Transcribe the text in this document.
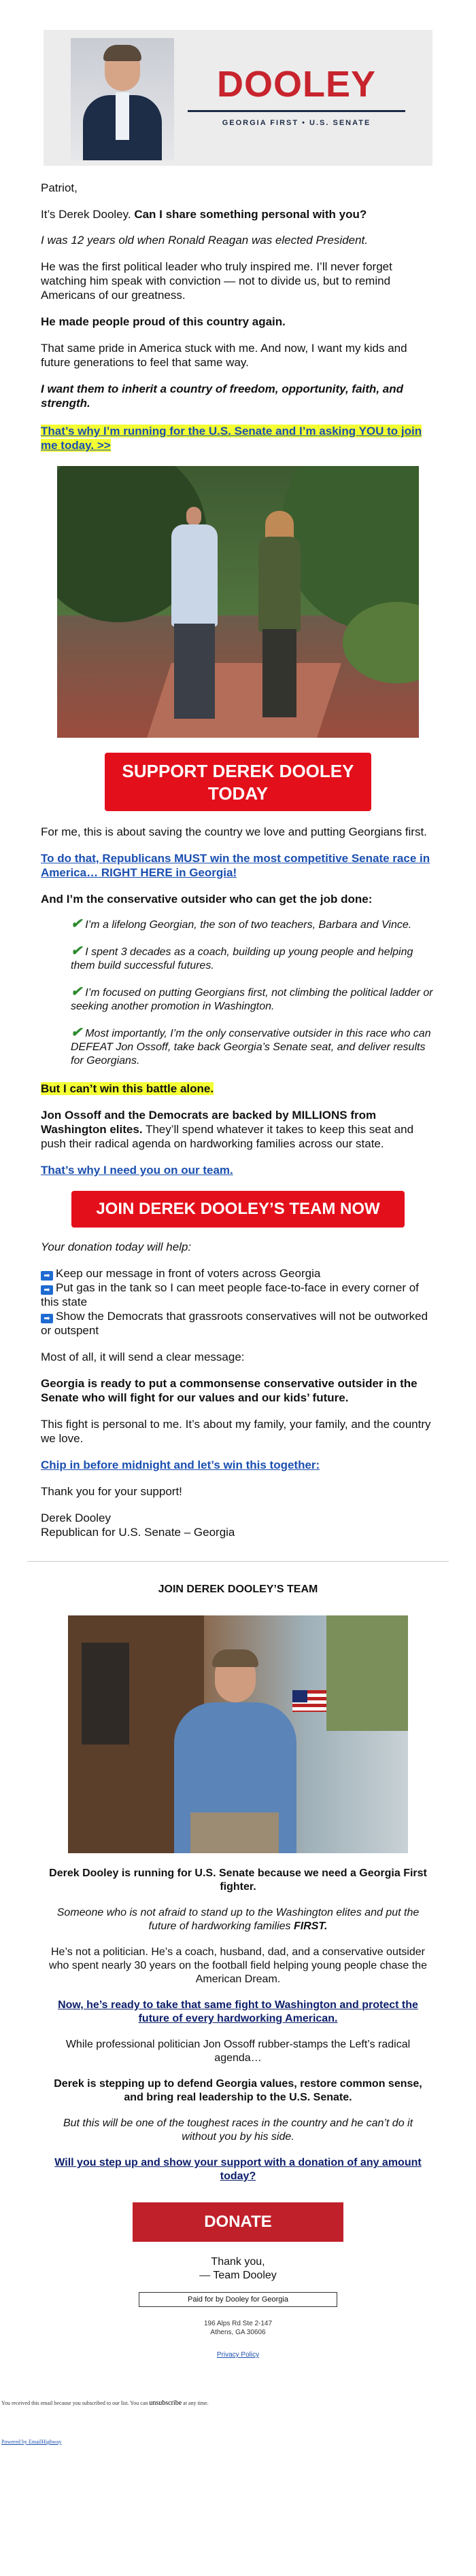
DOOLEY
GEORGIA FIRST • U.S. SENATE

Patriot,

It’s Derek Dooley. Can I share something personal with you?

I was 12 years old when Ronald Reagan was elected President.

He was the first political leader who truly inspired me. I’ll never forget watching him speak with conviction — not to divide us, but to remind Americans of our greatness.

He made people proud of this country again.

That same pride in America stuck with me. And now, I want my kids and future generations to feel that same way.

I want them to inherit a country of freedom, opportunity, faith, and strength.

That’s why I’m running for the U.S. Senate and I’m asking YOU to join me today. >>

SUPPORT DEREK DOOLEY TODAY

For me, this is about saving the country we love and putting Georgians first.

To do that, Republicans MUST win the most competitive Senate race in America… RIGHT HERE in Georgia!

And I’m the conservative outsider who can get the job done:

✔ I’m a lifelong Georgian, the son of two teachers, Barbara and Vince.

✔ I spent 3 decades as a coach, building up young people and helping them build successful futures.

✔ I’m focused on putting Georgians first, not climbing the political ladder or seeking another promotion in Washington.

✔ Most importantly, I’m the only conservative outsider in this race who can DEFEAT Jon Ossoff, take back Georgia’s Senate seat, and deliver results for Georgians.

But I can’t win this battle alone.

Jon Ossoff and the Democrats are backed by MILLIONS from Washington elites. They’ll spend whatever it takes to keep this seat and push their radical agenda on hardworking families across our state.

That’s why I need you on our team.

JOIN DEREK DOOLEY’S TEAM NOW

Your donation today will help:

➡ Keep our message in front of voters across Georgia

➡ Put gas in the tank so I can meet people face-to-face in every corner of this state

➡ Show the Democrats that grassroots conservatives will not be outworked or outspent

Most of all, it will send a clear message:

Georgia is ready to put a commonsense conservative outsider in the Senate who will fight for our values and our kids’ future.

This fight is personal to me. It’s about my family, your family, and the country we love.

Chip in before midnight and let’s win this together:

Thank you for your support!

Derek Dooley

Republican for U.S. Senate – Georgia

JOIN DEREK DOOLEY’S TEAM

Derek Dooley is running for U.S. Senate because we need a Georgia First fighter.

Someone who is not afraid to stand up to the Washington elites and put the future of hardworking families FIRST.

He’s not a politician. He’s a coach, husband, dad, and a conservative outsider who spent nearly 30 years on the football field helping young people chase the American Dream.

Now, he’s ready to take that same fight to Washington and protect the future of every hardworking American.

While professional politician Jon Ossoff rubber-stamps the Left’s radical agenda…

Derek is stepping up to defend Georgia values, restore common sense, and bring real leadership to the U.S. Senate.

But this will be one of the toughest races in the country and he can’t do it without you by his side.

Will you step up and show your support with a donation of any amount today?

DONATE

Thank you,

— Team Dooley

Paid for by Dooley for Georgia

196 Alps Rd Ste 2-147

Athens, GA 30606

Privacy Policy

You received this email because you subscribed to our list. You can unsubscribe at any time.

Powered by EmailHighway
